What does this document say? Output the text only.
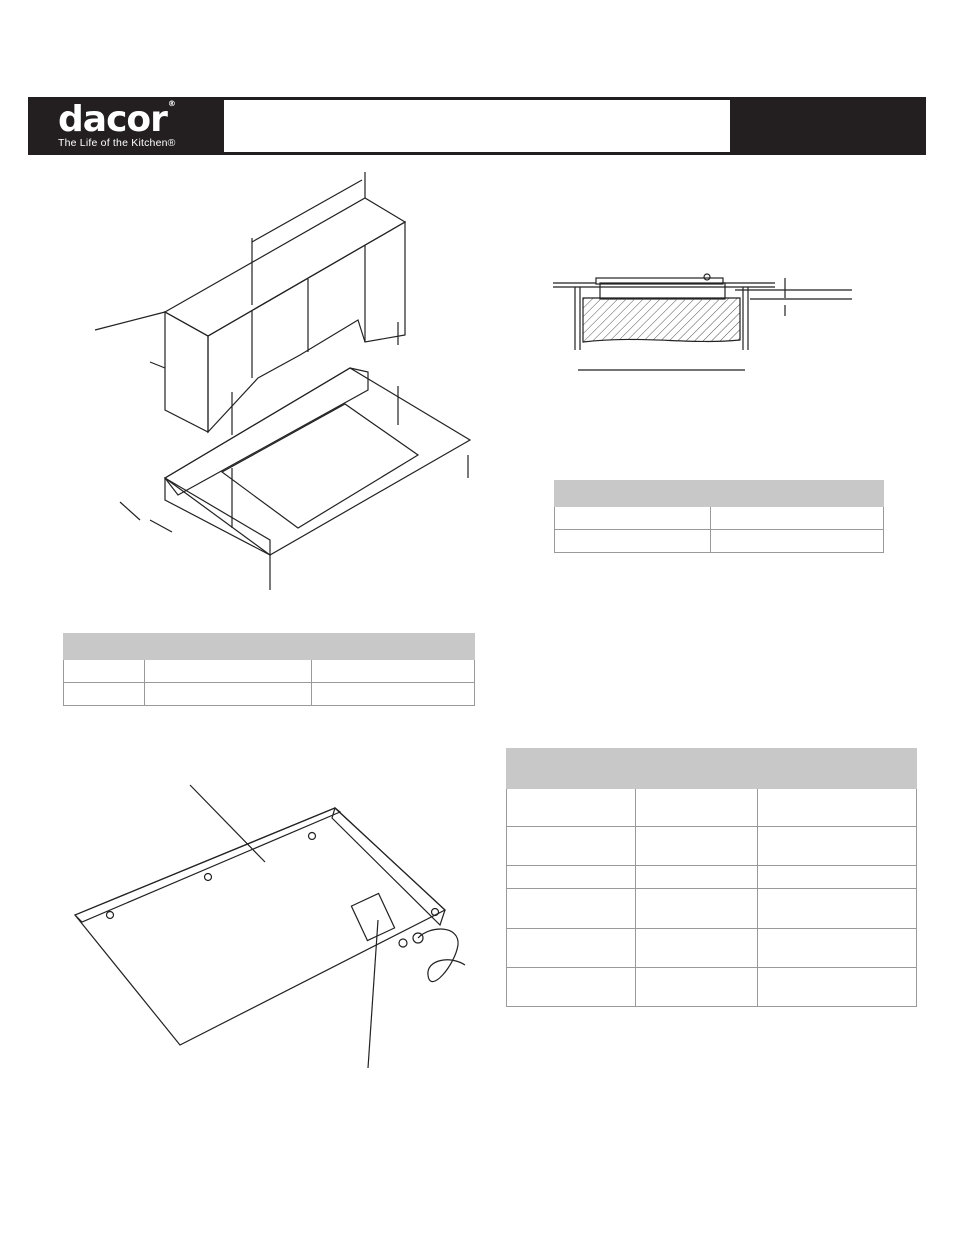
dacor®
The Life of the Kitchen®
